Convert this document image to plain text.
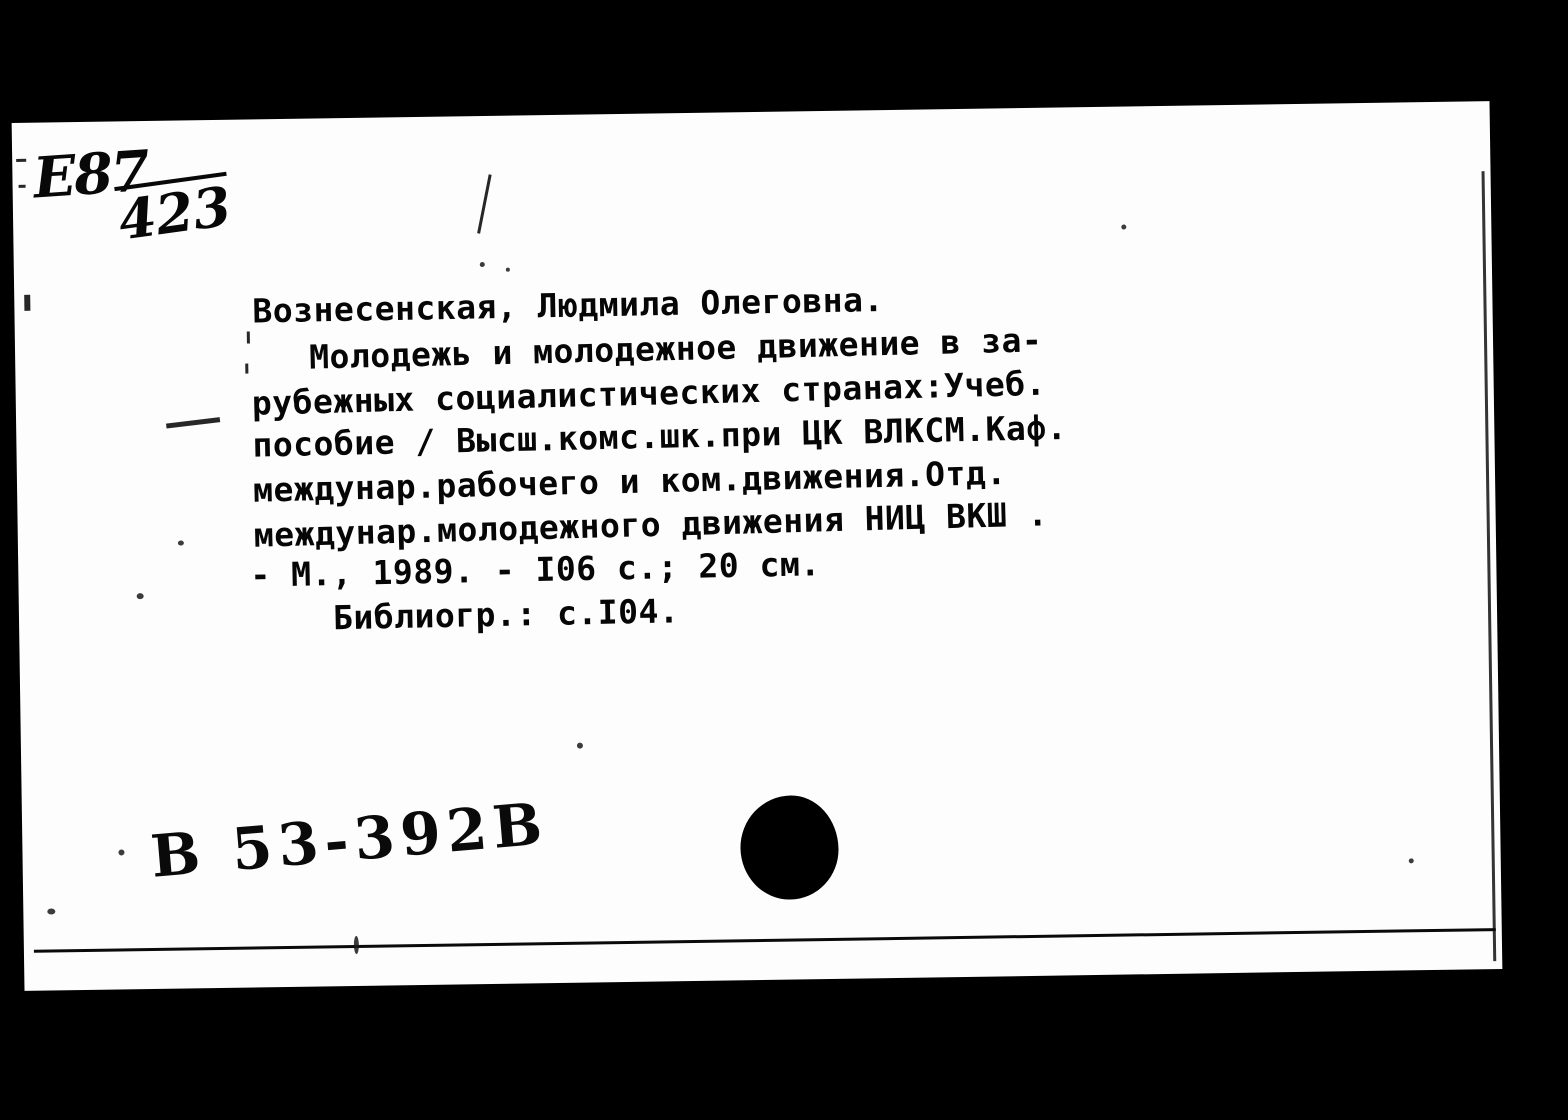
Е87
423
Вознесенская, Людмила Олеговна.
Молодежь и молодежное движение в за-
рубежных социалистических странах:Учеб.
пособие / Высш.комс.шк.при ЦК ВЛКСМ.Каф.
междунар.рабочего и ком.движения.Отд.
междунар.молодежного движения НИЦ ВКШ .
- М., 1989. - I06 с.; 20 см.
Библиогр.: с.I04.
В 53-392В
